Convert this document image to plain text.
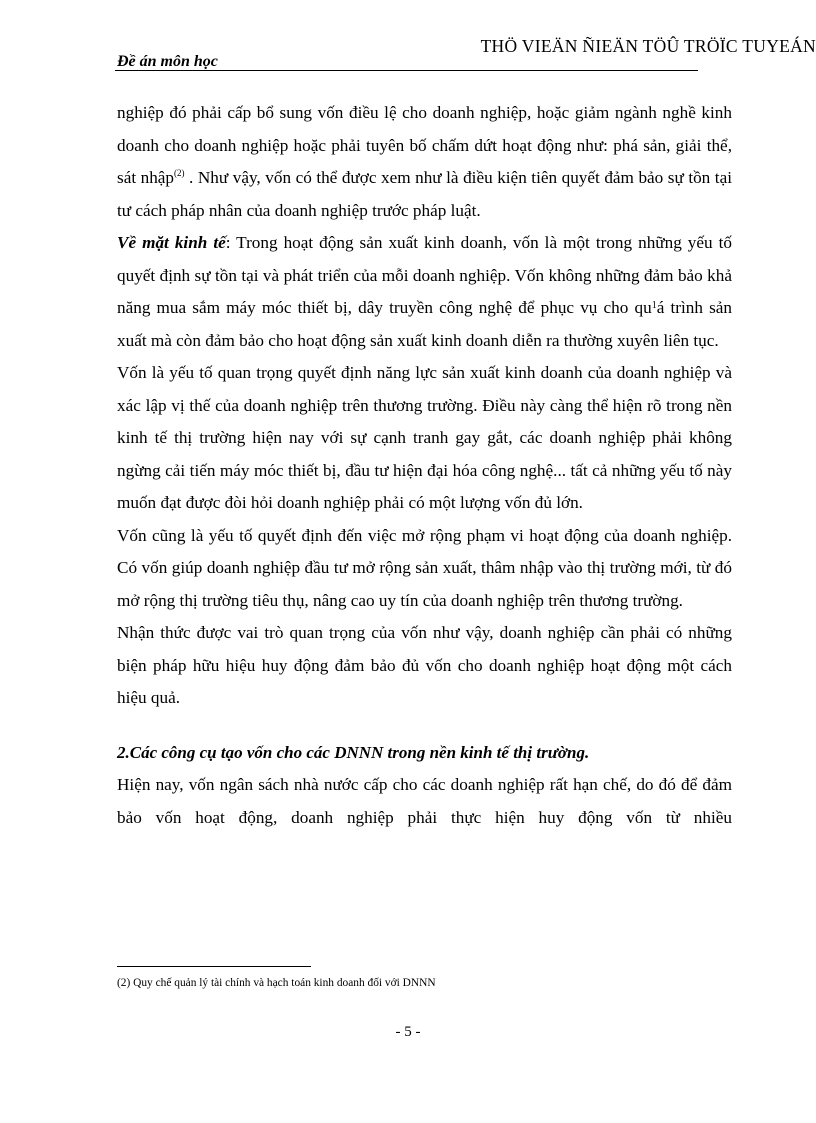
THÖ VIEÄN ÑIEÄN TÖÛ TRÖÏC TUYEÁN
Đề án môn học

nghiệp đó phải cấp bổ sung vốn điều lệ cho doanh nghiệp, hoặc giảm ngành nghề kinh doanh cho doanh nghiệp hoặc phải tuyên bố chấm dứt hoạt động như: phá sản, giải thể, sát nhập$^{(2)}$ . Như vậy, vốn có thể được xem như là điều kiện tiên quyết đảm bảo sự tồn tại tư cách pháp nhân của doanh nghiệp trước pháp luật.

Về mặt kinh tế: Trong hoạt động sản xuất kinh doanh, vốn là một trong những yếu tố quyết định sự tồn tại và phát triển của mỗi doanh nghiệp. Vốn không những đảm bảo khả năng mua sắm máy móc thiết bị, dây truyền công nghệ để phục vụ cho $qu^1á$ trình sản xuất mà còn đảm bảo cho hoạt động sản xuất kinh doanh diễn ra thường xuyên liên tục.

Vốn là yếu tố quan trọng quyết định năng lực sản xuất kinh doanh của doanh nghiệp và xác lập vị thế của doanh nghiệp trên thương trường. Điều này càng thể hiện rõ trong nền kinh tế thị trường hiện nay với sự cạnh tranh gay gắt, các doanh nghiệp phải không ngừng cải tiến máy móc thiết bị, đầu tư hiện đại hóa công nghệ... tất cả những yếu tố này muốn đạt được đòi hỏi doanh nghiệp phải có một lượng vốn đủ lớn.

Vốn cũng là yếu tố quyết định đến việc mở rộng phạm vi hoạt động của doanh nghiệp. Có vốn giúp doanh nghiệp đầu tư mở rộng sản xuất, thâm nhập vào thị trường mới, từ đó mở rộng thị trường tiêu thụ, nâng cao uy tín của doanh nghiệp trên thương trường.

Nhận thức được vai trò quan trọng của vốn như vậy, doanh nghiệp cần phải có những biện pháp hữu hiệu huy động đảm bảo đủ vốn cho doanh nghiệp hoạt động một cách hiệu quả.

2.Các công cụ tạo vốn cho các DNNN trong nền kinh tế thị trường.

Hiện nay, vốn ngân sách nhà nước cấp cho các doanh nghiệp rất hạn chế, do đó để đảm bảo vốn hoạt động, doanh nghiệp phải thực hiện huy động vốn từ nhiều

(2) Quy chế quản lý tài chính và hạch toán kinh doanh đối với DNNN
- 5 -
